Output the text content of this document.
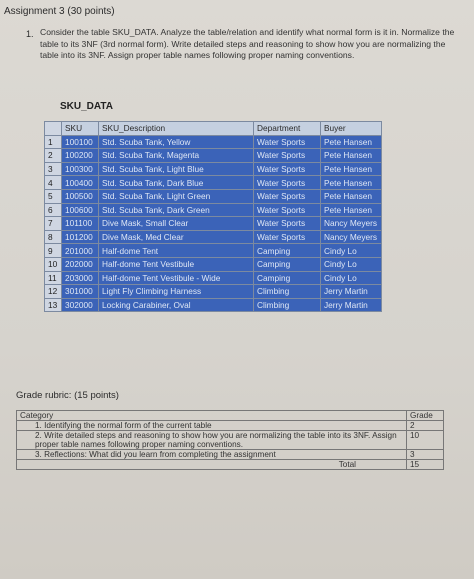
Assignment 3 (30 points)
1. Consider the table SKU_DATA. Analyze the table/relation and identify what normal form is it in. Normalize the table to its 3NF (3rd normal form). Write detailed steps and reasoning to show how you are normalizing the table into its 3NF. Assign proper table names following proper naming conventions.
SKU_DATA
	SKU	SKU_Description	Department	Buyer
1	100100	Std. Scuba Tank, Yellow	Water Sports	Pete Hansen
2	100200	Std. Scuba Tank, Magenta	Water Sports	Pete Hansen
3	100300	Std. Scuba Tank, Light Blue	Water Sports	Pete Hansen
4	100400	Std. Scuba Tank, Dark Blue	Water Sports	Pete Hansen
5	100500	Std. Scuba Tank, Light Green	Water Sports	Pete Hansen
6	100600	Std. Scuba Tank, Dark Green	Water Sports	Pete Hansen
7	101100	Dive Mask, Small Clear	Water Sports	Nancy Meyers
8	101200	Dive Mask, Med Clear	Water Sports	Nancy Meyers
9	201000	Half-dome Tent	Camping	Cindy Lo
10	202000	Half-dome Tent Vestibule	Camping	Cindy Lo
11	203000	Half-dome Tent Vestibule - Wide	Camping	Cindy Lo
12	301000	Light Fly Climbing Harness	Climbing	Jerry Martin
13	302000	Locking Carabiner, Oval	Climbing	Jerry Martin
Grade rubric: (15 points)
Category	Grade
1. Identifying the normal form of the current table	2
2. Write detailed steps and reasoning to show how you are normalizing the table into its 3NF. Assign proper table names following proper naming conventions.	10
3. Reflections: What did you learn from completing the assignment	3
Total	15
